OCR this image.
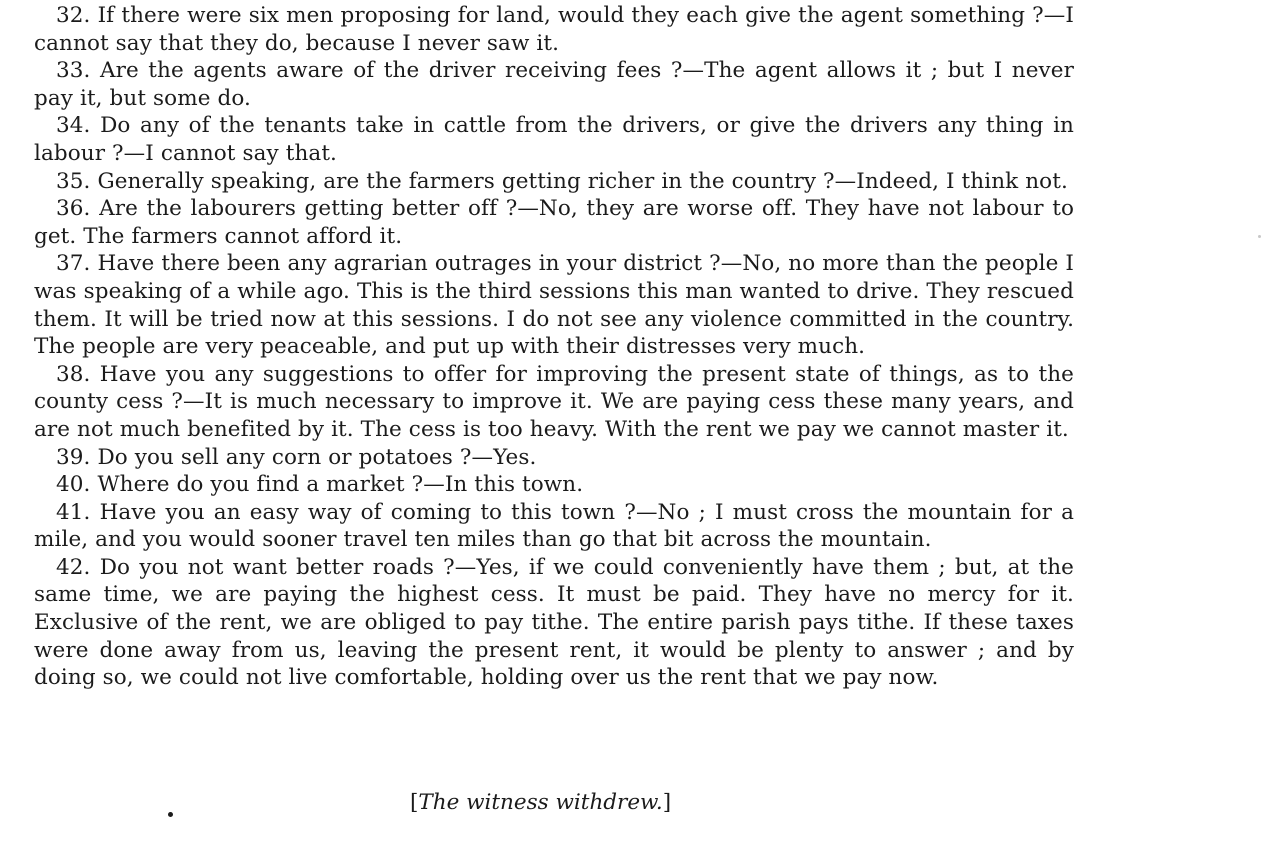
32. If there were six men proposing for land, would they each give the agent something ?—I cannot say that they do, because I never saw it.

33. Are the agents aware of the driver receiving fees ?—The agent allows it ; but I never pay it, but some do.

34. Do any of the tenants take in cattle from the drivers, or give the drivers any thing in labour ?—I cannot say that.

35. Generally speaking, are the farmers getting richer in the country ?—Indeed, I think not.

36. Are the labourers getting better off ?—No, they are worse off. They have not labour to get. The farmers cannot afford it.

37. Have there been any agrarian outrages in your district ?—No, no more than the people I was speaking of a while ago. This is the third sessions this man wanted to drive. They rescued them. It will be tried now at this sessions. I do not see any violence committed in the country. The people are very peaceable, and put up with their distresses very much.

38. Have you any suggestions to offer for improving the present state of things, as to the county cess ?—It is much necessary to improve it. We are paying cess these many years, and are not much benefited by it. The cess is too heavy. With the rent we pay we cannot master it.

39. Do you sell any corn or potatoes ?—Yes.

40. Where do you find a market ?—In this town.

41. Have you an easy way of coming to this town ?—No ; I must cross the mountain for a mile, and you would sooner travel ten miles than go that bit across the mountain.

42. Do you not want better roads ?—Yes, if we could conveniently have them ; but, at the same time, we are paying the highest cess. It must be paid. They have no mercy for it. Exclusive of the rent, we are obliged to pay tithe. The entire parish pays tithe. If these taxes were done away from us, leaving the present rent, it would be plenty to answer ; and by doing so, we could not live comfortable, holding over us the rent that we pay now.

[The witness withdrew.]
